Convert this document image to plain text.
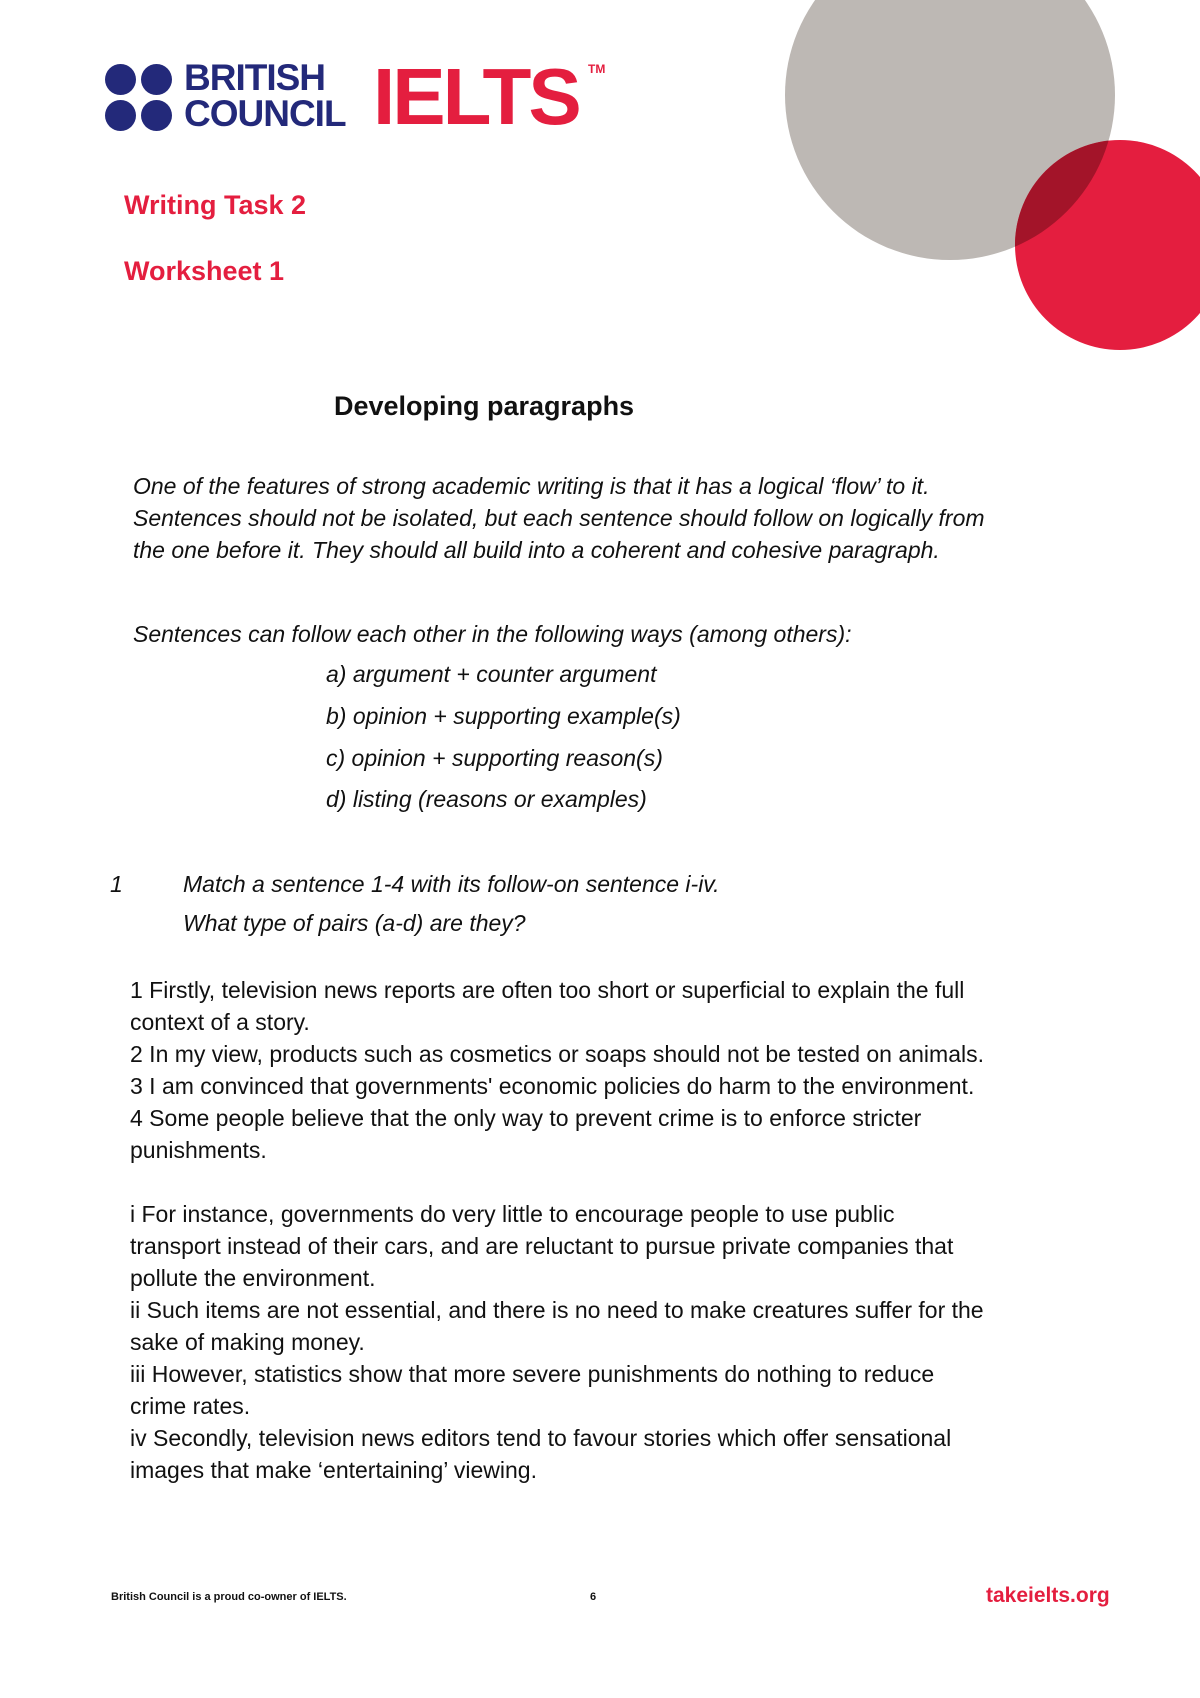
BRITISH
COUNCIL IELTS TM
Writing Task 2
Worksheet 1
Developing paragraphs
One of the features of strong academic writing is that it has a logical ‘flow’ to it.
Sentences should not be isolated, but each sentence should follow on logically from
the one before it. They should all build into a coherent and cohesive paragraph.
Sentences can follow each other in the following ways (among others):
a) argument + counter argument
b) opinion + supporting example(s)
c) opinion + supporting reason(s)
d) listing (reasons or examples)
1	Match a sentence 1-4 with its follow-on sentence i-iv.
What type of pairs (a-d) are they?
1 Firstly, television news reports are often too short or superficial to explain the full
context of a story.
2 In my view, products such as cosmetics or soaps should not be tested on animals.
3 I am convinced that governments' economic policies do harm to the environment.
4 Some people believe that the only way to prevent crime is to enforce stricter
punishments.
i For instance, governments do very little to encourage people to use public
transport instead of their cars, and are reluctant to pursue private companies that
pollute the environment.
ii Such items are not essential, and there is no need to make creatures suffer for the
sake of making money.
iii However, statistics show that more severe punishments do nothing to reduce
crime rates.
iv Secondly, television news editors tend to favour stories which offer sensational
images that make ‘entertaining’ viewing.
British Council is a proud co-owner of IELTS.	6	takeielts.org
